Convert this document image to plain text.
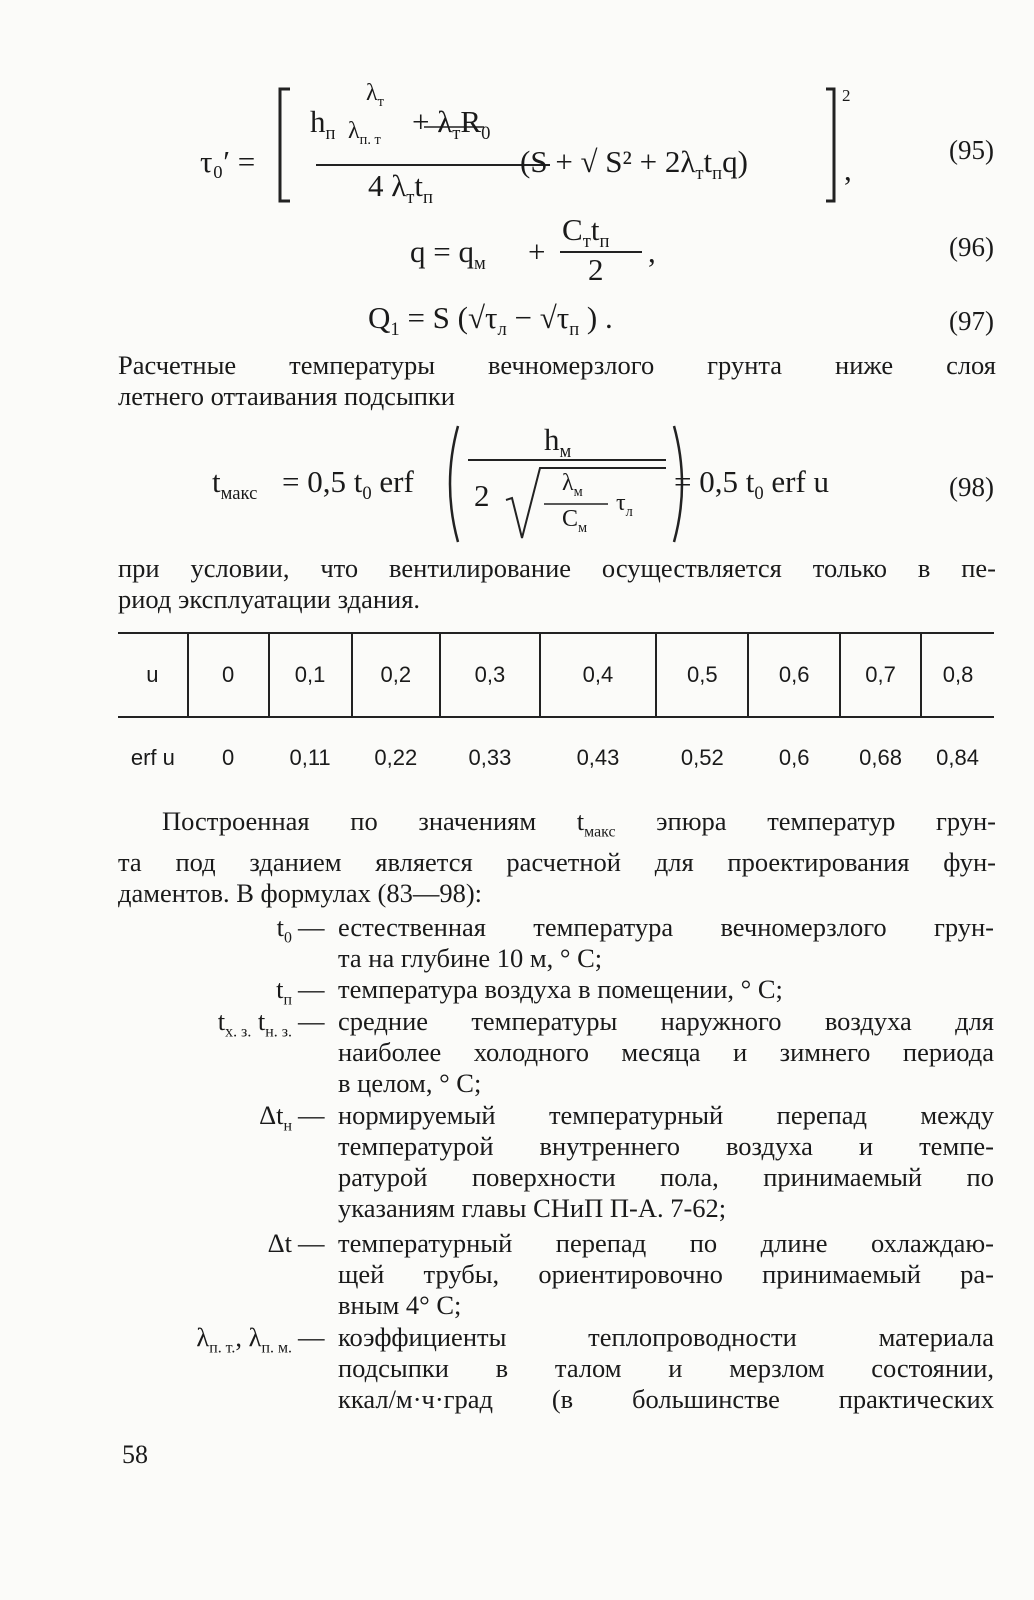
τ₀′ =
$h_п$
$\lambda_т$
$\lambda_{п. т}$
+ $\lambda_тR_0$
4 $\lambda_тt_п$
(S + √ $S^2 + 2\lambda_тt_пq$)
2
,
(95)
$q = q_м$ +
$C_тt_п$
2
,	(96)
$Q_1 = S$ ($√\tau_л - √\tau_п$ ) .	(97)
Расчетные температуры вечномерзлого грунта ниже слоя
летнего оттаивания подсыпки
$t_{макс} = 0,5$ $t_0$ erf
$h_м$
2	$\lambda_м$
$C_м$
$\tau_л$
= 0,5 $t_0$ erf u	(98)
при условии, что вентилирование осуществляется только в пе-
риод эксплуатации здания.
u	0	0,1	0,2	0,3	0,4	0,5	0,6	0,7	0,8
erf u	0	0,11	0,22	0,33	0,43	0,52	0,6	0,68	0,84
Построенная по значениям $t_{макс}$ эпюра температур грун-
та под зданием является расчетной для проектирования фун-
даментов. В формулах (83—98):
$t_0$ — естественная температура вечномерзлого грун-
та на глубине 10 м, ° С;
$t_п$ — температура воздуха в помещении, ° С;
$t_{х. з.}$ $t_{н. з.}$ — средние температуры наружного воздуха для
наиболее холодного месяца и зимнего периода
в целом, ° С;
$\Delta t_н$ — нормируемый температурный перепад между
температурой внутреннего воздуха и темпе-
ратурой поверхности пола, принимаемый по
указаниям главы СНиП П-А. 7-62;
Δt — температурный перепад по длине охлаждаю-
щей трубы, ориентировочно принимаемый ра-
вным 4° С;
$\lambda_{п. т.}$, $\lambda_{п. м.}$ — коэффициенты теплопроводности материала
подсыпки в талом и мерзлом состоянии,
ккал/м·ч·град (в большинстве практических
58
